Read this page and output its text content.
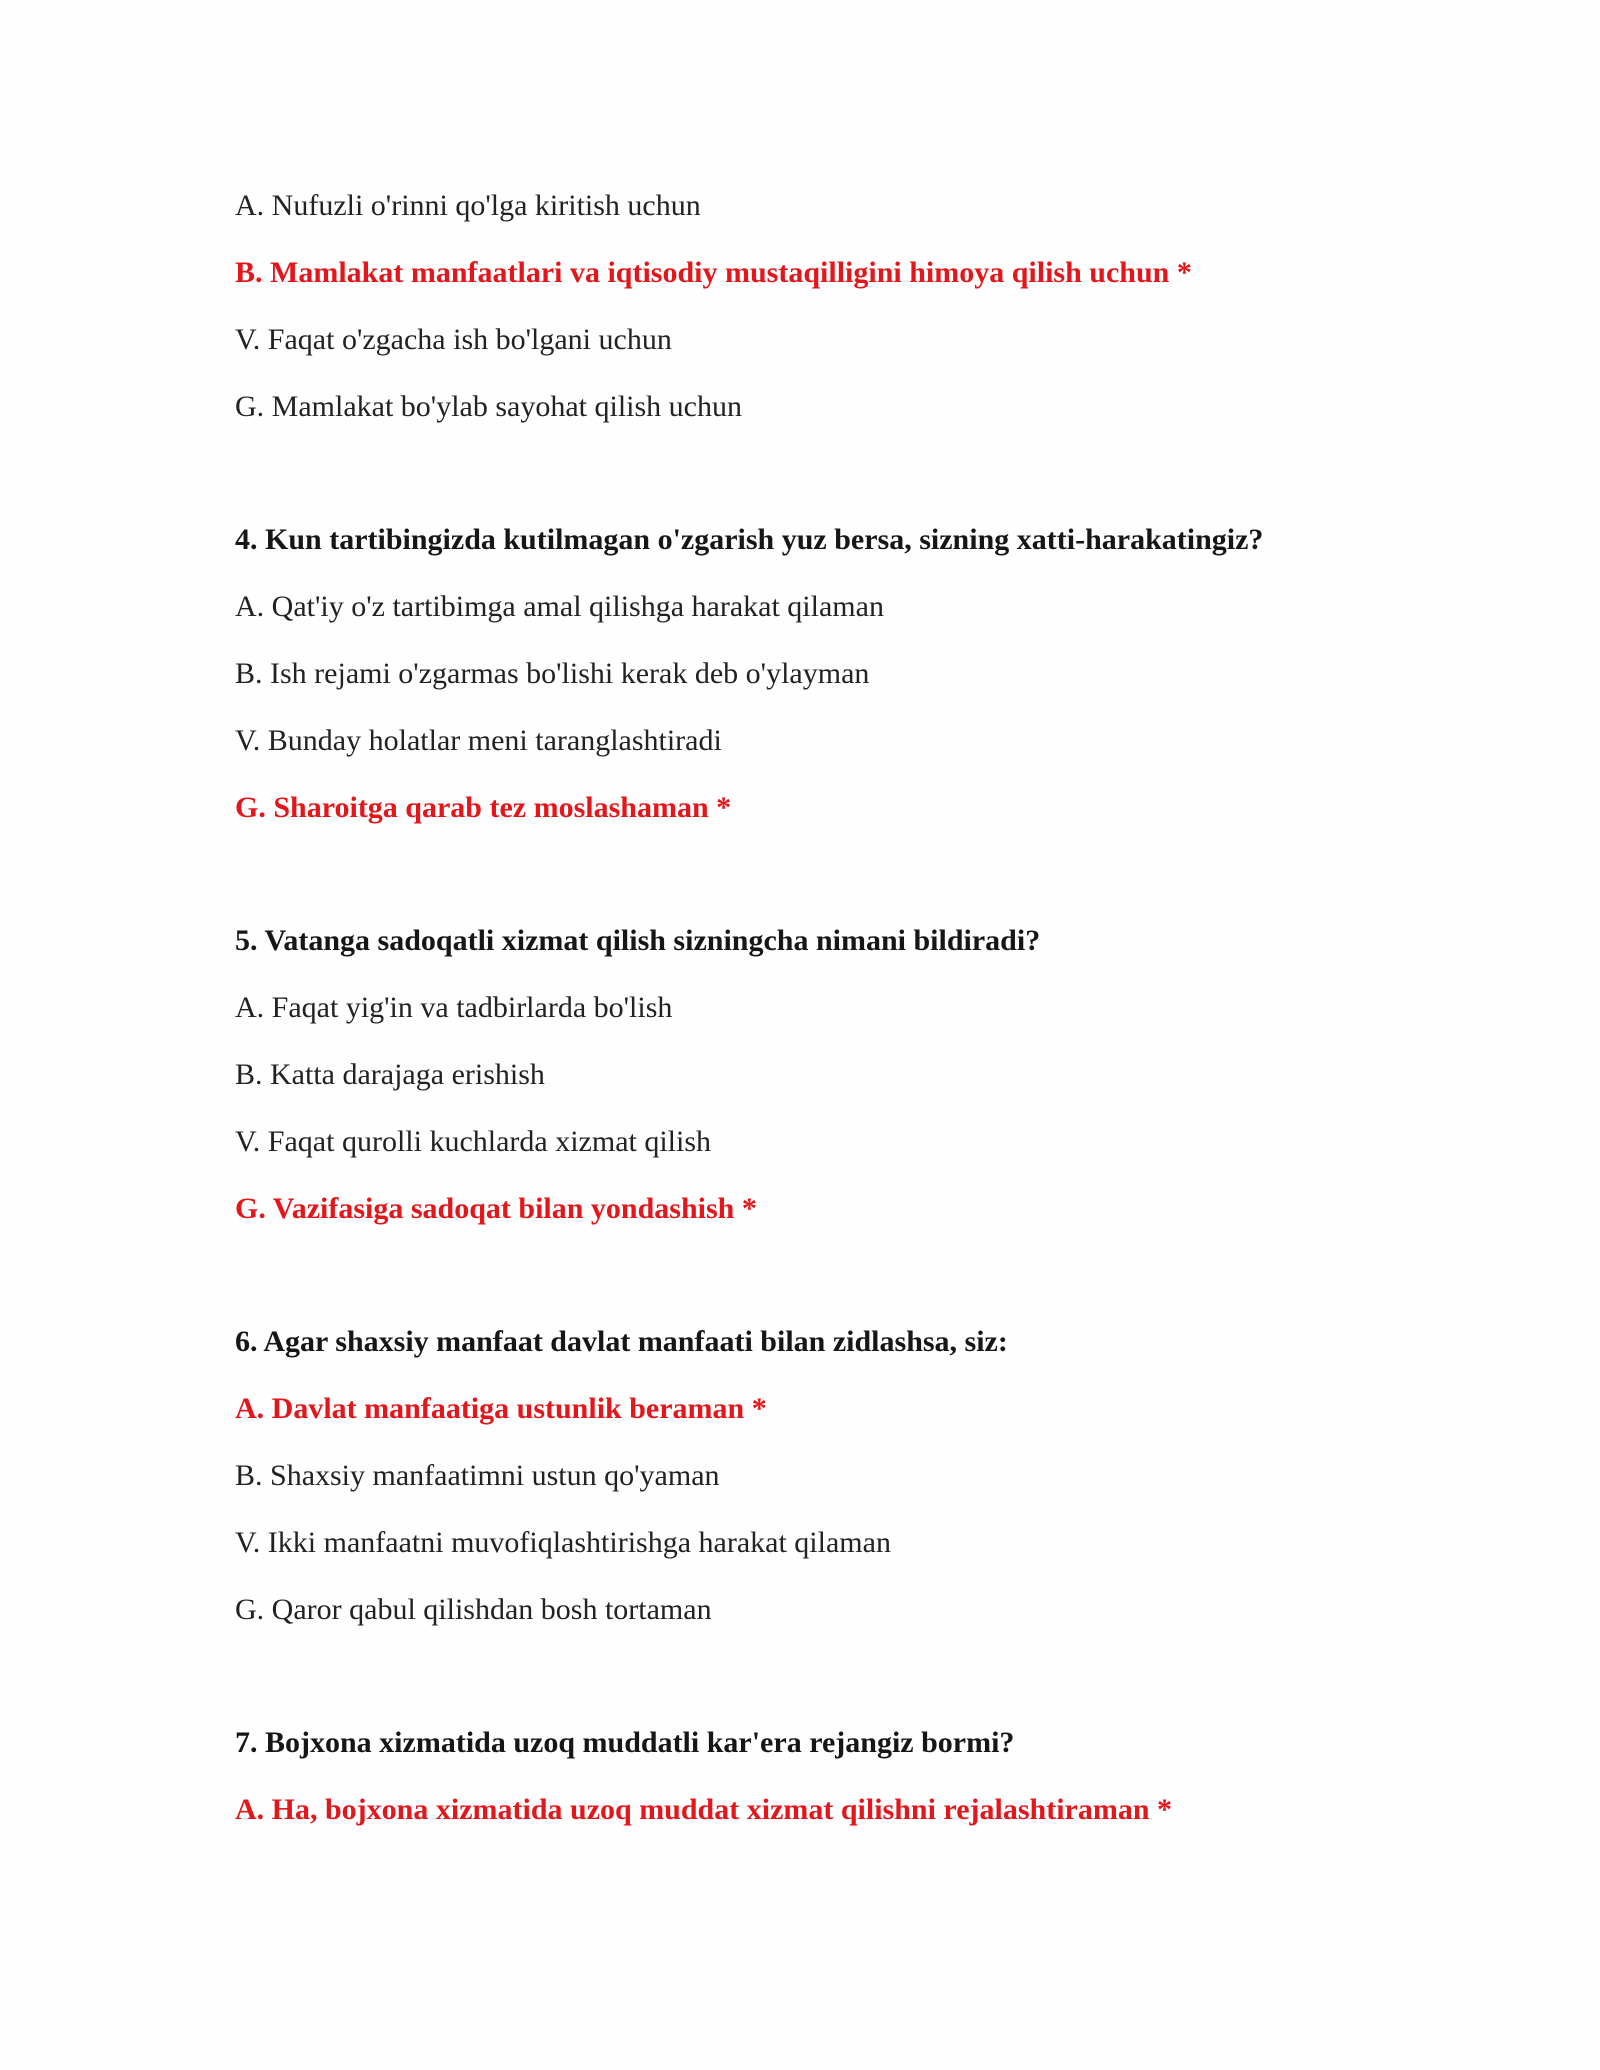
A. Nufuzli o'rinni qo'lga kiritish uchun

B. Mamlakat manfaatlari va iqtisodiy mustaqilligini himoya qilish uchun *

V. Faqat o'zgacha ish bo'lgani uchun

G. Mamlakat bo'ylab sayohat qilish uchun

4. Kun tartibingizda kutilmagan o'zgarish yuz bersa, sizning xatti-harakatingiz?

A. Qat'iy o'z tartibimga amal qilishga harakat qilaman

B. Ish rejami o'zgarmas bo'lishi kerak deb o'ylayman

V. Bunday holatlar meni taranglashtiradi

G. Sharoitga qarab tez moslashaman *

5. Vatanga sadoqatli xizmat qilish sizningcha nimani bildiradi?

A. Faqat yig'in va tadbirlarda bo'lish

B. Katta darajaga erishish

V. Faqat qurolli kuchlarda xizmat qilish

G. Vazifasiga sadoqat bilan yondashish *

6. Agar shaxsiy manfaat davlat manfaati bilan zidlashsa, siz:

A. Davlat manfaatiga ustunlik beraman *

B. Shaxsiy manfaatimni ustun qo'yaman

V. Ikki manfaatni muvofiqlashtirishga harakat qilaman

G. Qaror qabul qilishdan bosh tortaman

7. Bojxona xizmatida uzoq muddatli kar'era rejangiz bormi?

A. Ha, bojxona xizmatida uzoq muddat xizmat qilishni rejalashtiraman *
